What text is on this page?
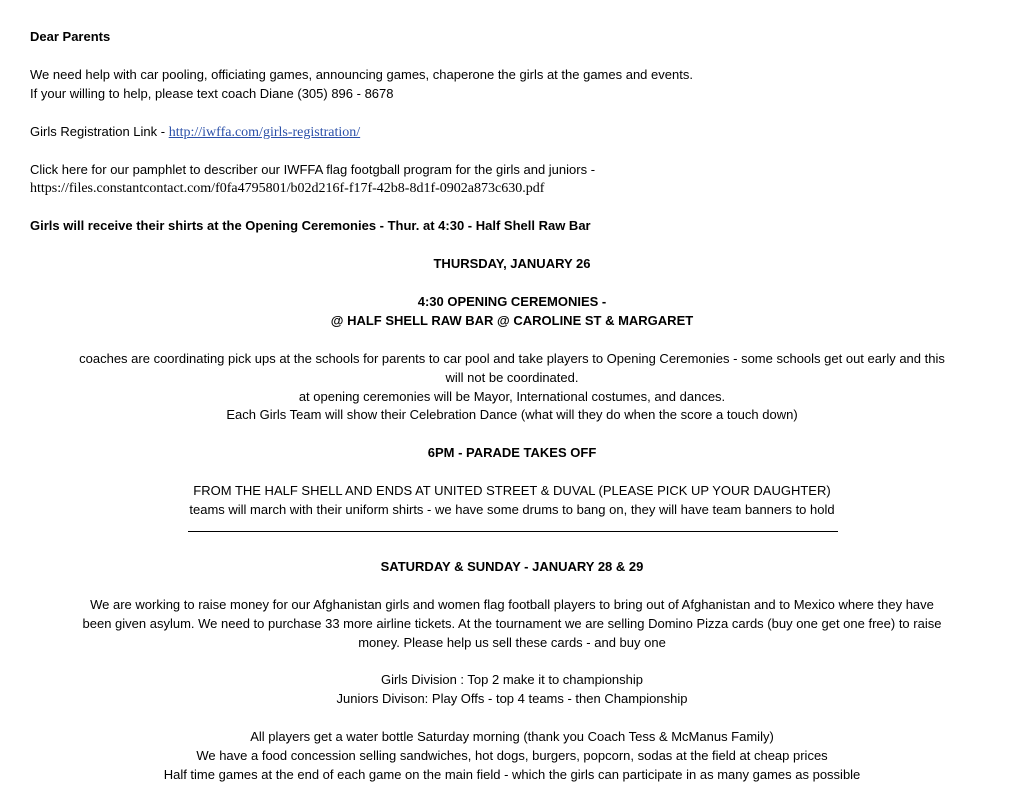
Dear Parents
We need help with car pooling, officiating games, announcing games, chaperone the girls at the games and events.
If your willing to help, please text coach Diane (305) 896 - 8678
Girls Registration Link - http://iwffa.com/girls-registration/
Click here for our pamphlet to describer our IWFFA flag footgball program for the girls and juniors -
https://files.constantcontact.com/f0fa4795801/b02d216f-f17f-42b8-8d1f-0902a873c630.pdf
Girls will receive their shirts at the Opening Ceremonies - Thur. at 4:30 - Half Shell Raw Bar
THURSDAY, JANUARY 26
4:30 OPENING CEREMONIES -
@ HALF SHELL RAW BAR @ CAROLINE ST & MARGARET
coaches are coordinating pick ups at the schools for parents to car pool and take players to Opening Ceremonies - some schools get out early and this
will not be coordinated.
at opening ceremonies will be Mayor, International costumes, and dances.
Each Girls Team will show their Celebration Dance (what will they do when the score a touch down)
6PM - PARADE TAKES OFF
FROM THE HALF SHELL AND ENDS AT UNITED STREET & DUVAL (PLEASE PICK UP YOUR DAUGHTER)
teams will march with their uniform shirts - we have some drums to bang on, they will have team banners to hold
SATURDAY & SUNDAY - JANUARY 28 & 29
We are working to raise money for our Afghanistan girls and women flag football players to bring out of Afghanistan and to Mexico where they have
been given asylum. We need to purchase 33 more airline tickets. At the tournament we are selling Domino Pizza cards (buy one get one free) to raise
money. Please help us sell these cards - and buy one
Girls Division : Top 2 make it to championship
Juniors Divison: Play Offs - top 4 teams - then Championship
All players get a water bottle Saturday morning (thank you Coach Tess & McManus Family)
We have a food concession selling sandwiches, hot dogs, burgers, popcorn, sodas at the field at cheap prices
Half time games at the end of each game on the main field - which the girls can participate in as many games as possible
